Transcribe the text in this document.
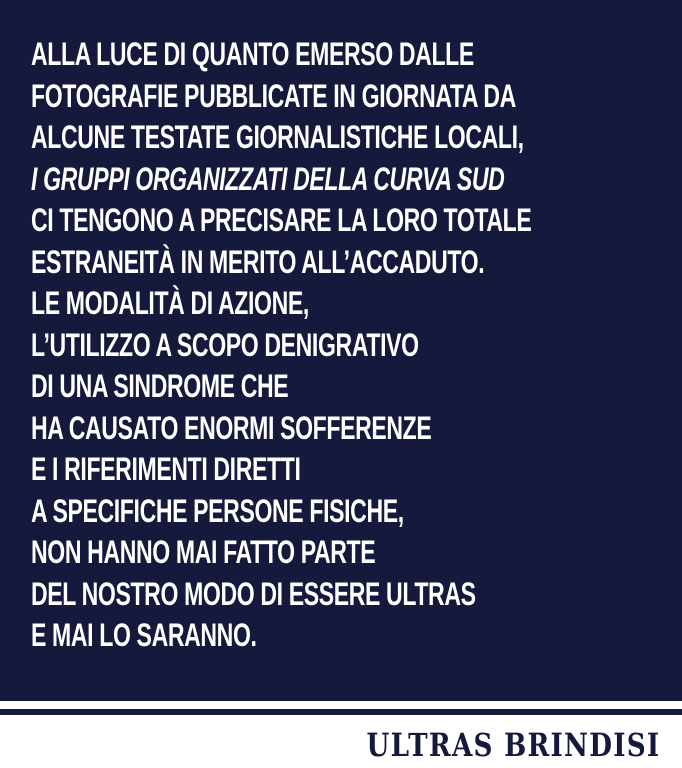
ALLA LUCE DI QUANTO EMERSO DALLE
FOTOGRAFIE PUBBLICATE IN GIORNATA DA
ALCUNE TESTATE GIORNALISTICHE LOCALI,
I GRUPPI ORGANIZZATI DELLA CURVA SUD
CI TENGONO A PRECISARE LA LORO TOTALE
ESTRANEITÀ IN MERITO ALL’ACCADUTO.
LE MODALITÀ DI AZIONE,
L’UTILIZZO A SCOPO DENIGRATIVO
DI UNA SINDROME CHE
HA CAUSATO ENORMI SOFFERENZE
E I RIFERIMENTI DIRETTI
A SPECIFICHE PERSONE FISICHE,
NON HANNO MAI FATTO PARTE
DEL NOSTRO MODO DI ESSERE ULTRAS
E MAI LO SARANNO.

ULTRAS BRINDISI
